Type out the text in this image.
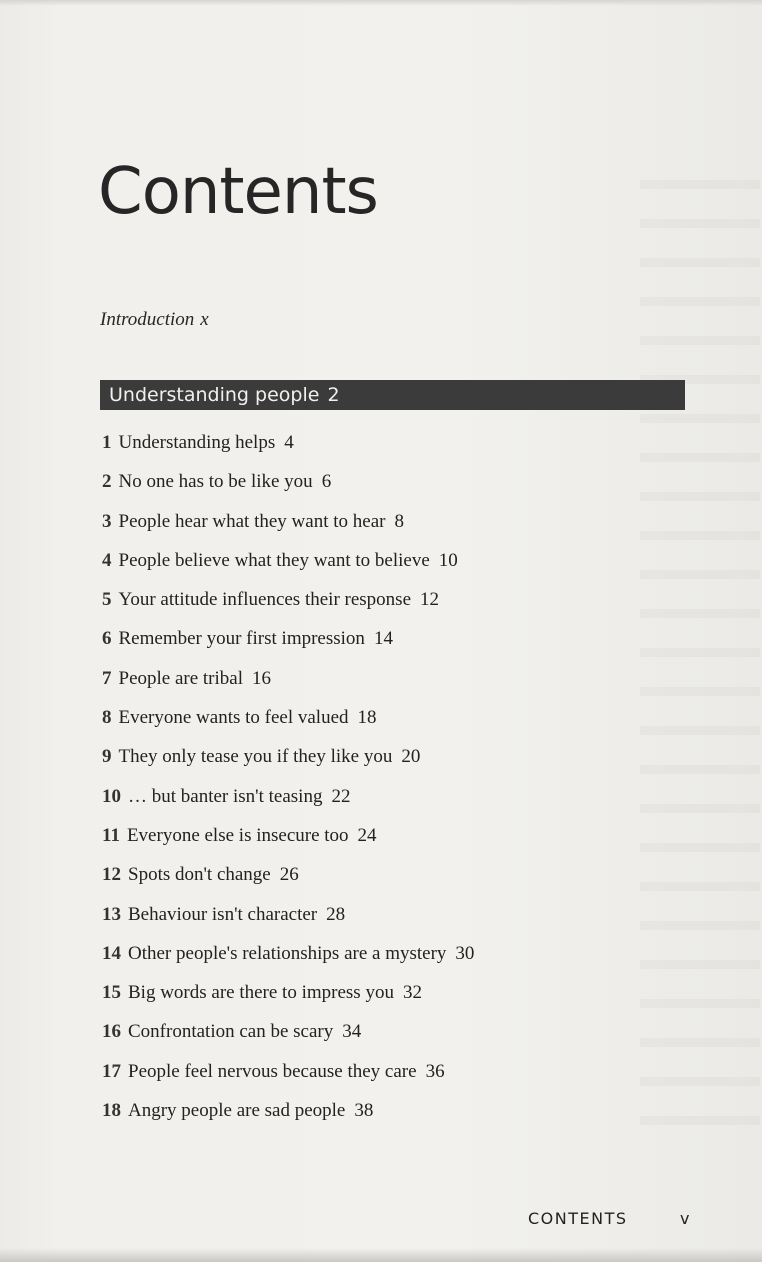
Contents
Introduction x
Understanding people 2
1 Understanding helps 4
2 No one has to be like you 6
3 People hear what they want to hear 8
4 People believe what they want to believe 10
5 Your attitude influences their response 12
6 Remember your first impression 14
7 People are tribal 16
8 Everyone wants to feel valued 18
9 They only tease you if they like you 20
10 … but banter isn't teasing 22
11 Everyone else is insecure too 24
12 Spots don't change 26
13 Behaviour isn't character 28
14 Other people's relationships are a mystery 30
15 Big words are there to impress you 32
16 Confrontation can be scary 34
17 People feel nervous because they care 36
18 Angry people are sad people 38
CONTENTS	v
